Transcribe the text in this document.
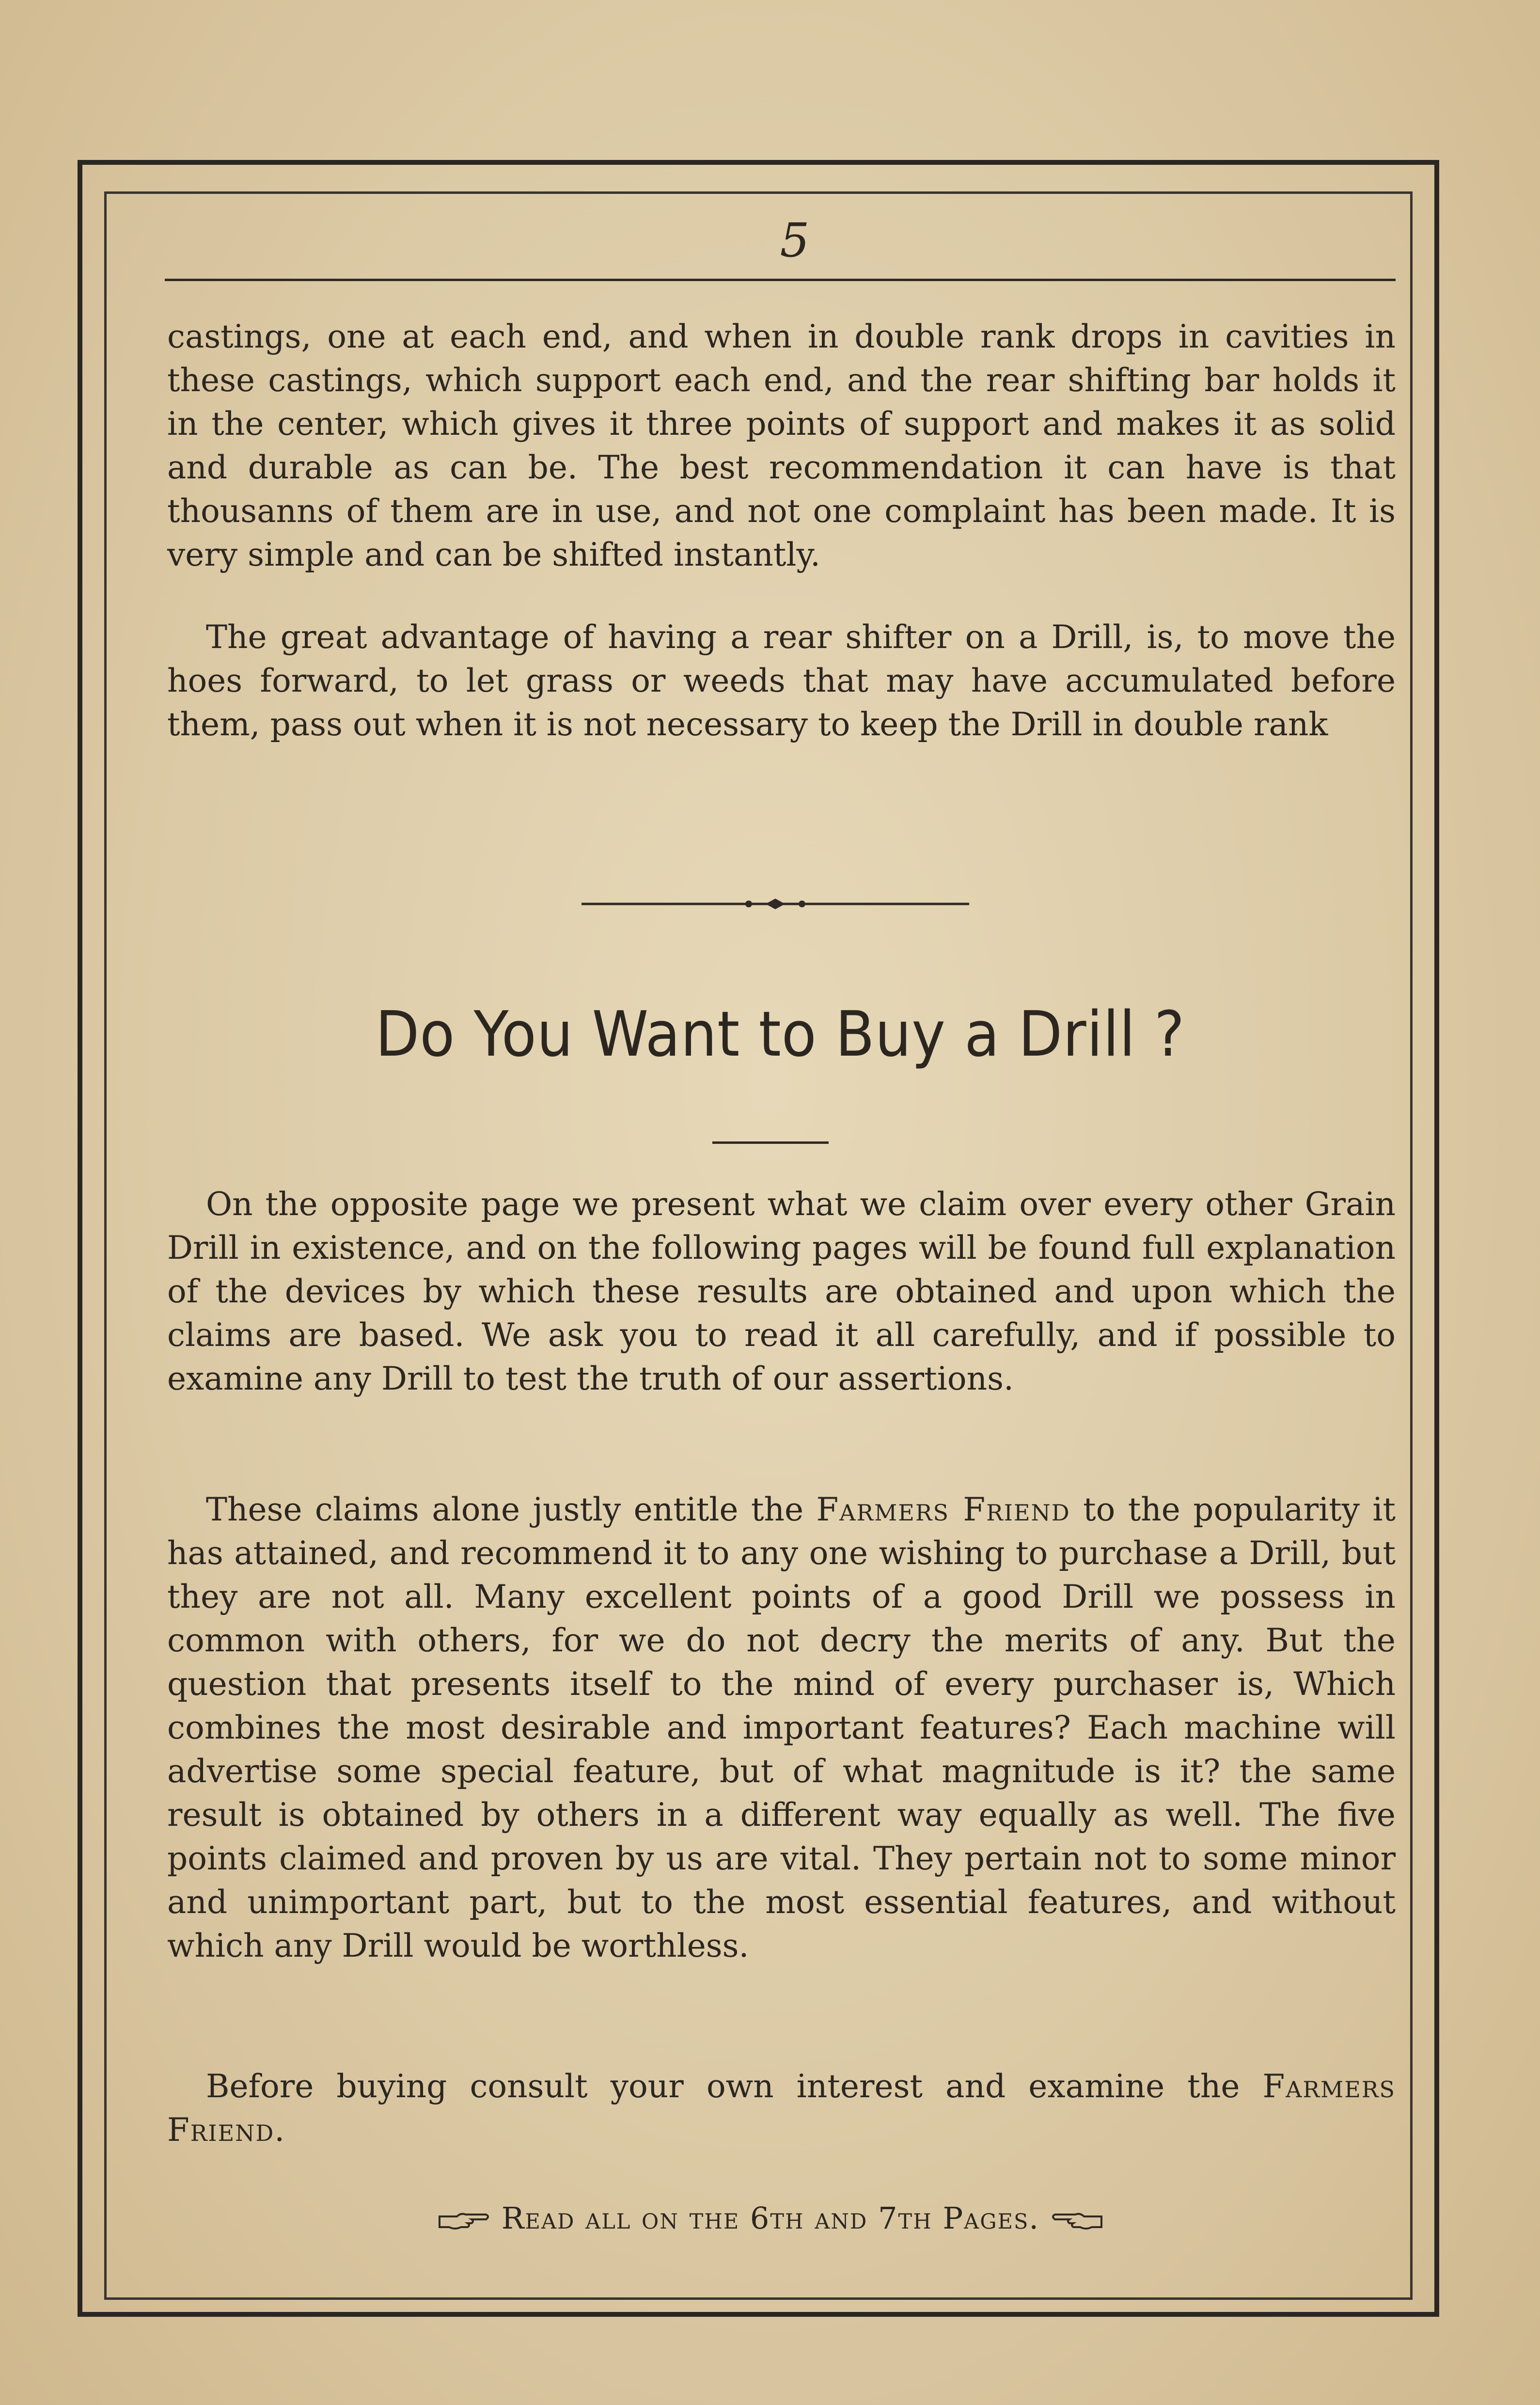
5

castings, one at each end, and when in double rank drops in cavities in these castings, which support each end, and the rear shifting bar holds it in the center, which gives it three points of support and makes it as solid and durable as can be. The best recommendation it can have is that thousanns of them are in use, and not one complaint has been made. It is very simple and can be shifted instantly.

The great advantage of having a rear shifter on a Drill, is, to move the hoes forward, to let grass or weeds that may have accumulated before them, pass out when it is not necessary to keep the Drill in double rank

Do You Want to Buy a Drill ?

On the opposite page we present what we claim over every other Grain Drill in existence, and on the following pages will be found full explanation of the devices by which these results are obtained and upon which the claims are based. We ask you to read it all carefully, and if possible to examine any Drill to test the truth of our assertions.

These claims alone justly entitle the Farmers Friend to the popularity it has attained, and recommend it to any one wishing to purchase a Drill, but they are not all. Many excellent points of a good Drill we possess in common with others, for we do not decry the merits of any. But the question that presents itself to the mind of every purchaser is, Which combines the most desirable and important features? Each machine will advertise some special feature, but of what magnitude is it? the same result is obtained by others in a different way equally as well. The five points claimed and proven by us are vital. They pertain not to some minor and unimportant part, but to the most essential features, and without which any Drill would be worthless.

Before buying consult your own interest and examine the Farmers Friend.

Read all on the 6th and 7th Pages.
